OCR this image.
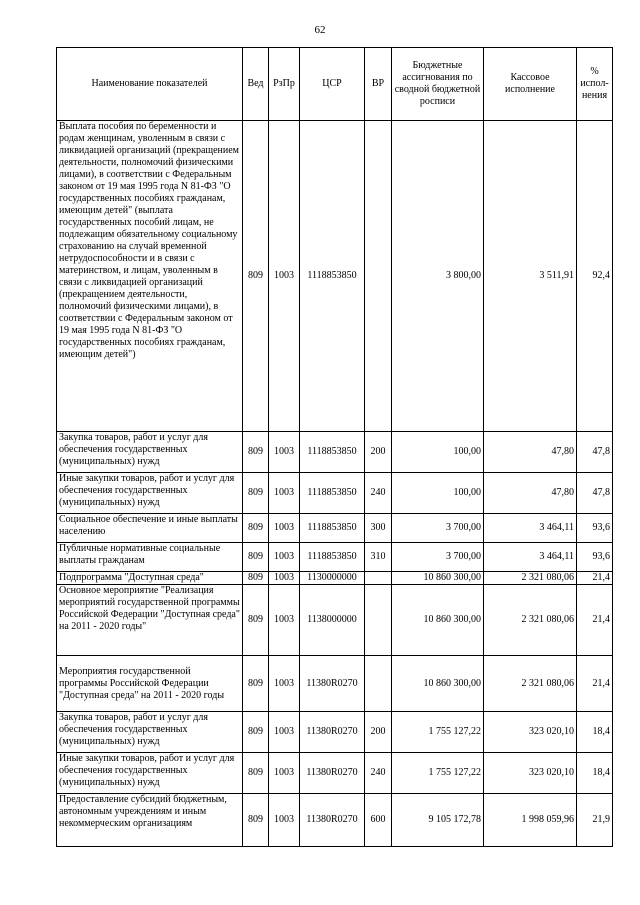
62
Наименование показателей	Вед	РзПр	ЦСР	ВР	Бюджетные ассигнования по сводной бюджетной росписи	Кассовое исполнение	% испол-нения
Выплата пособия по беременности и родам женщинам, уволенным в связи с ликвидацией организаций (прекращением деятельности, полномочий физическими лицами), в соответствии с Федеральным законом от 19 мая 1995 года N 81-ФЗ "О государственных пособиях гражданам, имеющим детей" (выплата государственных пособий лицам, не подлежащим обязательному социальному страхованию на случай временной нетрудоспособности и в связи с материнством, и лицам, уволенным в связи с ликвидацией организаций (прекращением деятельности, полномочий физическими лицами), в соответствии с Федеральным законом от 19 мая 1995 года N 81-ФЗ "О государственных пособиях гражданам, имеющим детей")	809	1003	1118853850		3 800,00	3 511,91	92,4
Закупка товаров, работ и услуг для обеспечения государственных (муниципальных) нужд	809	1003	1118853850	200	100,00	47,80	47,8
Иные закупки товаров, работ и услуг для обеспечения государственных (муниципальных) нужд	809	1003	1118853850	240	100,00	47,80	47,8
Социальное обеспечение и иные выплаты населению	809	1003	1118853850	300	3 700,00	3 464,11	93,6
Публичные нормативные социальные выплаты гражданам	809	1003	1118853850	310	3 700,00	3 464,11	93,6
Подпрограмма "Доступная среда"	809	1003	1130000000		10 860 300,00	2 321 080,06	21,4
Основное мероприятие "Реализация мероприятий государственной программы Российской Федерации "Доступная среда" на 2011 - 2020 годы"	809	1003	1138000000		10 860 300,00	2 321 080,06	21,4
Мероприятия государственной программы Российской Федерации "Доступная среда" на 2011 - 2020 годы	809	1003	11380R0270		10 860 300,00	2 321 080,06	21,4
Закупка товаров, работ и услуг для обеспечения государственных (муниципальных) нужд	809	1003	11380R0270	200	1 755 127,22	323 020,10	18,4
Иные закупки товаров, работ и услуг для обеспечения государственных (муниципальных) нужд	809	1003	11380R0270	240	1 755 127,22	323 020,10	18,4
Предоставление субсидий бюджетным, автономным учреждениям и иным некоммерческим организациям	809	1003	11380R0270	600	9 105 172,78	1 998 059,96	21,9
